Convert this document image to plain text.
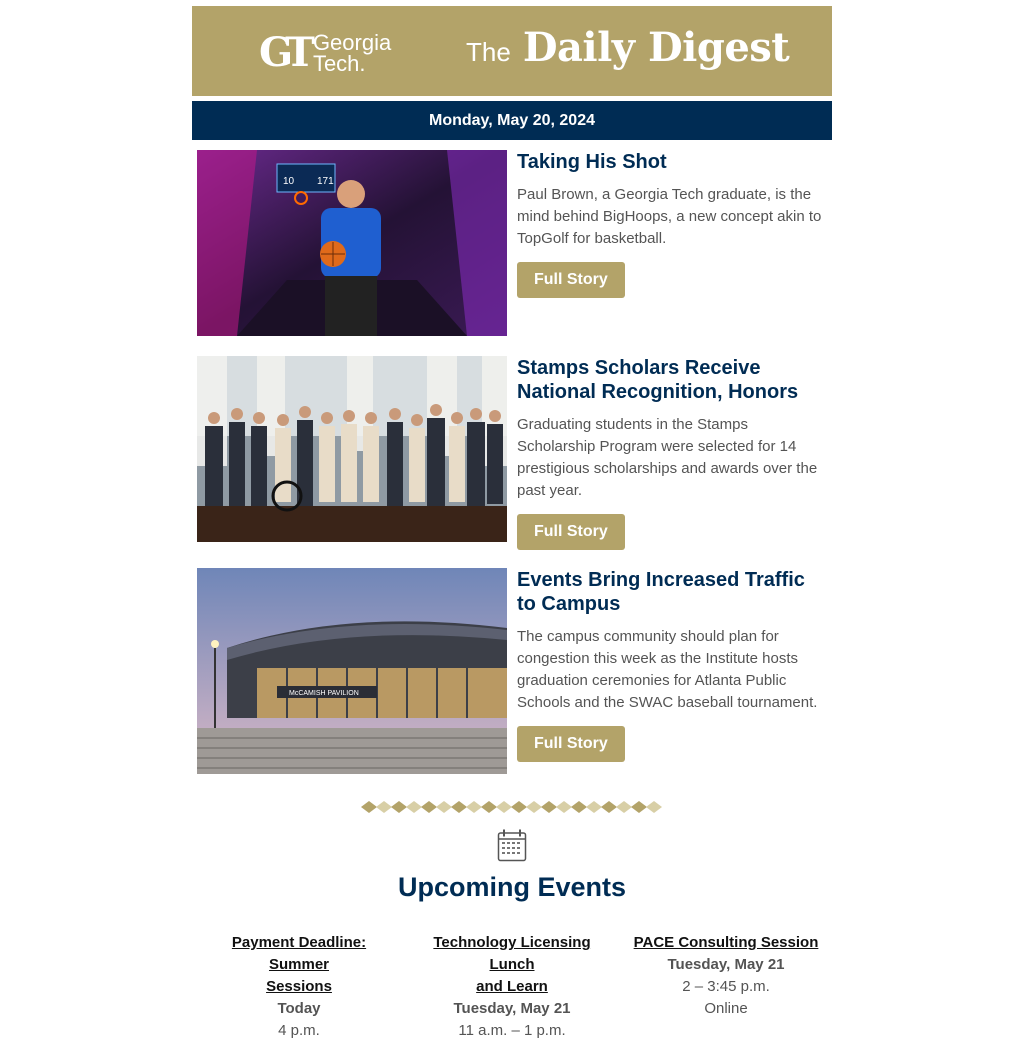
GT Georgia
Tech.	The Daily Digest
Monday, May 20, 2024
10 171
Taking His Shot

Paul Brown, a Georgia Tech graduate, is the mind behind BigHoops, a new concept akin to TopGolf for basketball.

Full Story
Stamps Scholars Receive National Recognition, Honors

Graduating students in the Stamps Scholarship Program were selected for 14 prestigious scholarships and awards over the past year.

Full Story
McCAMISH PAVILION
Events Bring Increased Traffic to Campus

The campus community should plan for congestion this week as the Institute hosts graduation ceremonies for Atlanta Public Schools and the SWAC baseball tournament.

Full Story
Upcoming Events
Payment Deadline: Summer
Sessions
Today
4 p.m.
Technology Licensing Lunch
and Learn
Tuesday, May 21
11 a.m. – 1 p.m.
PACE Consulting Session
Tuesday, May 21
2 – 3:45 p.m.
Online
